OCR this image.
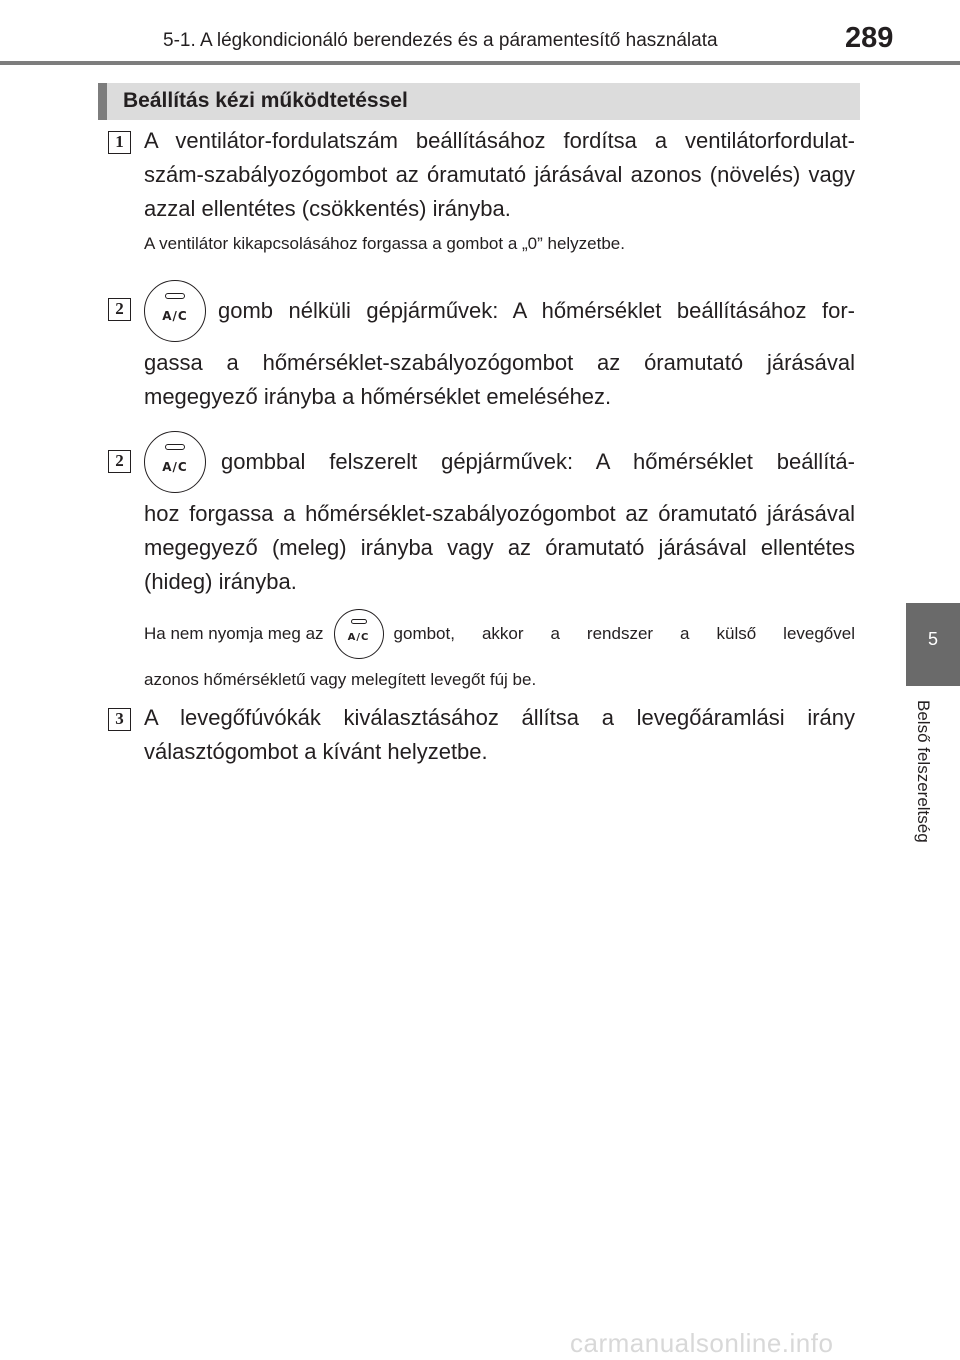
5-1. A légkondicionáló berendezés és a páramentesítő használata	289
5
Belső felszereltség
Beállítás kézi működtetéssel
1 A ventilátor-fordulatszám beállításához fordítsa a ventilátorfordulat-szám-szabályozógombot az óramutató járásával azonos (növelés) vagy azzal ellentétes (csökkentés) irányba.
A ventilátor kikapcsolásához forgassa a gombot a „0” helyzetbe.
2	A/C	gomb nélküli gépjárművek: A hőmérséklet beállításához for-
gassa a hőmérséklet-szabályozógombot az óramutató járásával megegyező irányba a hőmérséklet emeléséhez.
2	A/C	gombbal felszerelt gépjárművek: A hőmérséklet beállítá-
hoz forgassa a hőmérséklet-szabályozógombot az óramutató járásával megegyező (meleg) irányba vagy az óramutató járásával ellentétes (hideg) irányba.
Ha nem nyomja meg az	A/C	gombot, akkor a rendszer a külső levegővel
azonos hőmérsékletű vagy melegített levegőt fúj be.
3 A levegőfúvókák kiválasztásához állítsa a levegőáramlási irány választógombot a kívánt helyzetbe.
carmanualsonline.info
